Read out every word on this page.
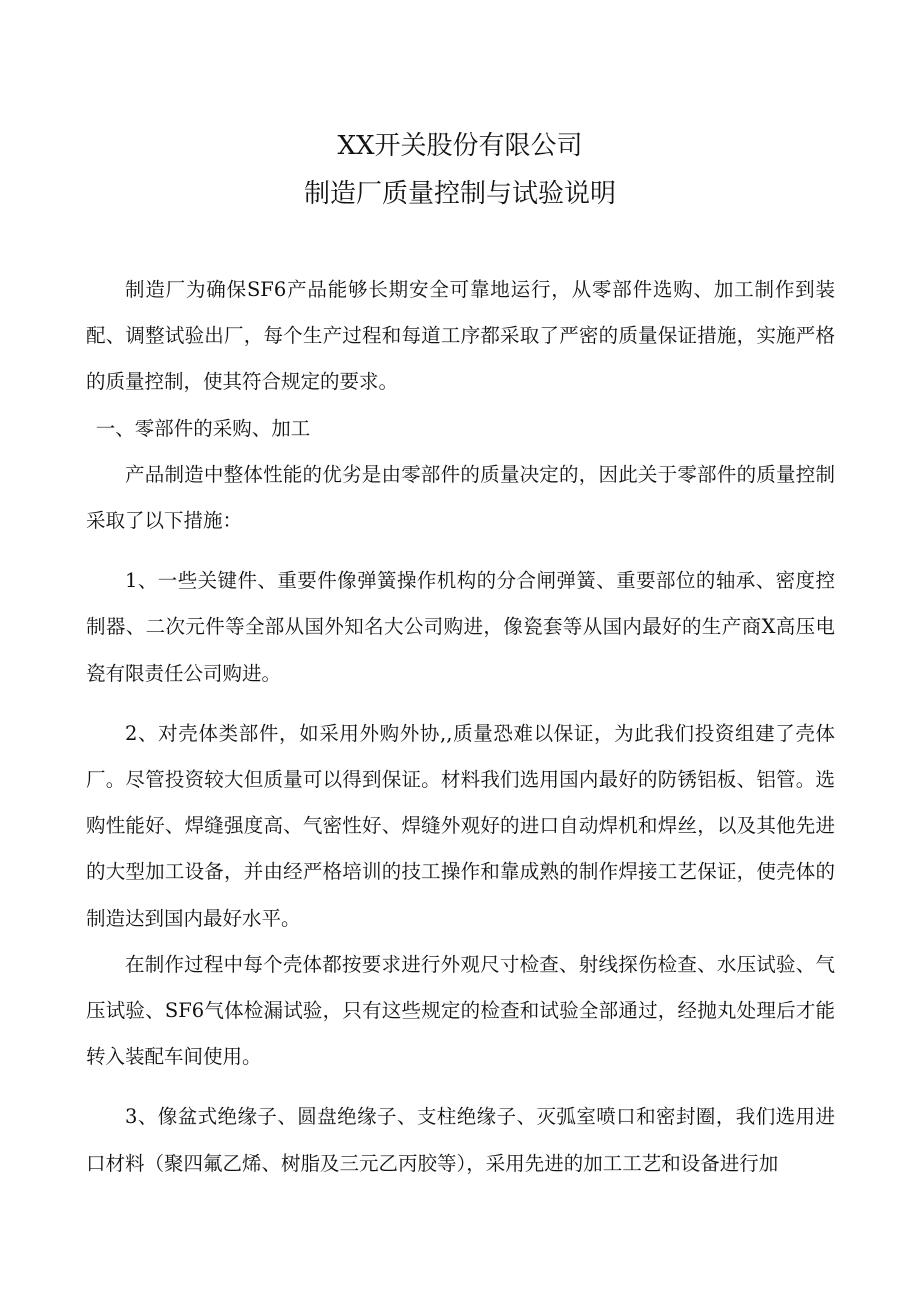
XX开关股份有限公司
制造厂质量控制与试验说明

制造厂为确保SF6产品能够长期安全可靠地运行，从零部件选购、加工制作到装配、调整试验出厂，每个生产过程和每道工序都采取了严密的质量保证措施，实施严格的质量控制，使其符合规定的要求。

一、零部件的采购、加工

产品制造中整体性能的优劣是由零部件的质量决定的，因此关于零部件的质量控制采取了以下措施：

1、一些关键件、重要件像弹簧操作机构的分合闸弹簧、重要部位的轴承、密度控制器、二次元件等全部从国外知名大公司购进，像瓷套等从国内最好的生产商X高压电瓷有限责任公司购进。

2、对壳体类部件，如采用外购外协,,质量恐难以保证，为此我们投资组建了壳体厂。尽管投资较大但质量可以得到保证。材料我们选用国内最好的防锈铝板、铝管。选购性能好、焊缝强度高、气密性好、焊缝外观好的进口自动焊机和焊丝，以及其他先进的大型加工设备，并由经严格培训的技工操作和靠成熟的制作焊接工艺保证，使壳体的制造达到国内最好水平。

在制作过程中每个壳体都按要求进行外观尺寸检查、射线探伤检查、水压试验、气压试验、SF6气体检漏试验，只有这些规定的检查和试验全部通过，经抛丸处理后才能转入装配车间使用。

3、像盆式绝缘子、圆盘绝缘子、支柱绝缘子、灭弧室喷口和密封圈，我们选用进口材料（聚四氟乙烯、树脂及三元乙丙胶等），采用先进的加工工艺和设备进行加
